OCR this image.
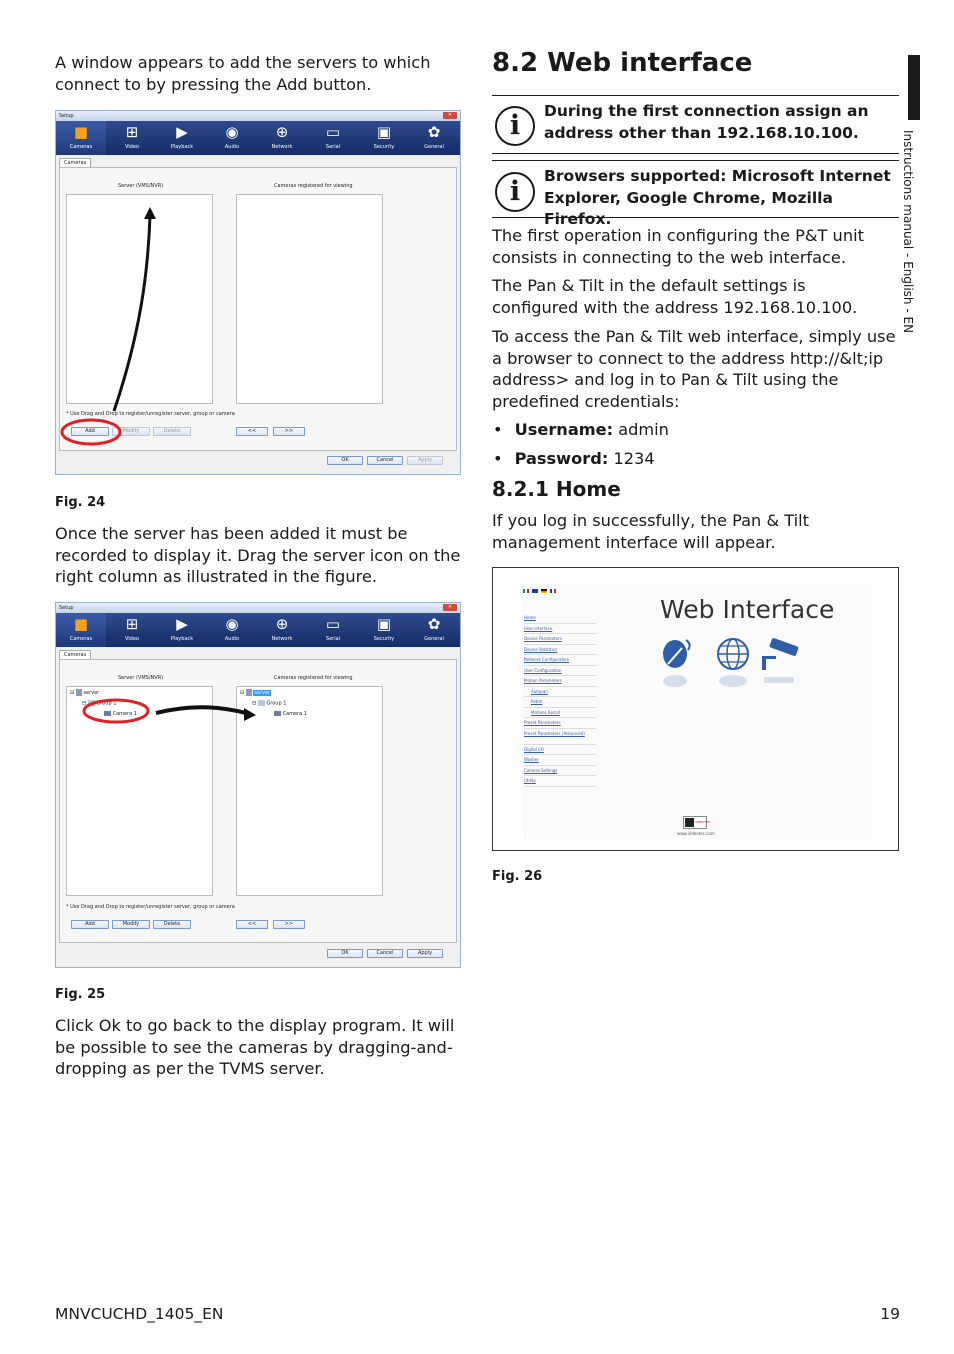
A window appears to add the servers to which connect to by pressing the Add button.
Setup	✕
■
Cameras
⊞
Video
▶
Playback
◉
Audio
⊕
Network
▭
Serial
▣
Security
✿
General
Cameras
Server (VMS/NVR)	Cameras registered for viewing
* Use Drag and Drop to register/unregister server, group or camera
Add	Modify	Delete	<<	>>
OK	Cancel	Apply
Fig. 24
Once the server has been added it must be recorded to display it. Drag the server icon on the right column as illustrated in the figure.
Setup	✕
■
Cameras
⊞
Video
▶
Playback
◉
Audio
⊕
Network
▭
Serial
▣
Security
✿
General
Cameras
Server (VMS/NVR)	Cameras registered for viewing
⊟ server
⊟ Group 1
Camera 1
⊟ server
⊟ Group 1
Camera 1
* Use Drag and Drop to register/unregister server, group or camera
Add	Modify	Delete	<<	>>
OK	Cancel	Apply
Fig. 25
Click Ok to go back to the display program. It will be possible to see the cameras by dragging-and-dropping as per the TVMS server.
8.2 Web interface
i	During the first connection assign an address other than 192.168.10.100.
i	Browsers supported: Microsoft Internet Explorer, Google Chrome, Mozilla Firefox.
The first operation in configuring the P&T unit consists in connecting to the web interface.
The Pan & Tilt in the default settings is configured with the address 192.168.10.100.
To access the Pan & Tilt web interface, simply use a browser to connect to the address http://&lt;ip address> and log in to Pan & Tilt using the predefined credentials:
• Username: admin
• Password: 1234
8.2.1 Home
If you log in successfully, the Pan & Tilt management interface will appear.

Home
User interface
Device Parameters
Device Statistics
Network Configuration
User Configuration
Motion Parameters
Autopan
Patrol
Motions Recall
Preset Parameters
Preset Parameters (Advanced)
Digital I/O
Washer
Camera Settings
Utility
Web Interface
VIDEOTEC
www.videotec.com
Fig. 26
Instructions manual - English - EN
MNVCUCHD_1405_EN	19
